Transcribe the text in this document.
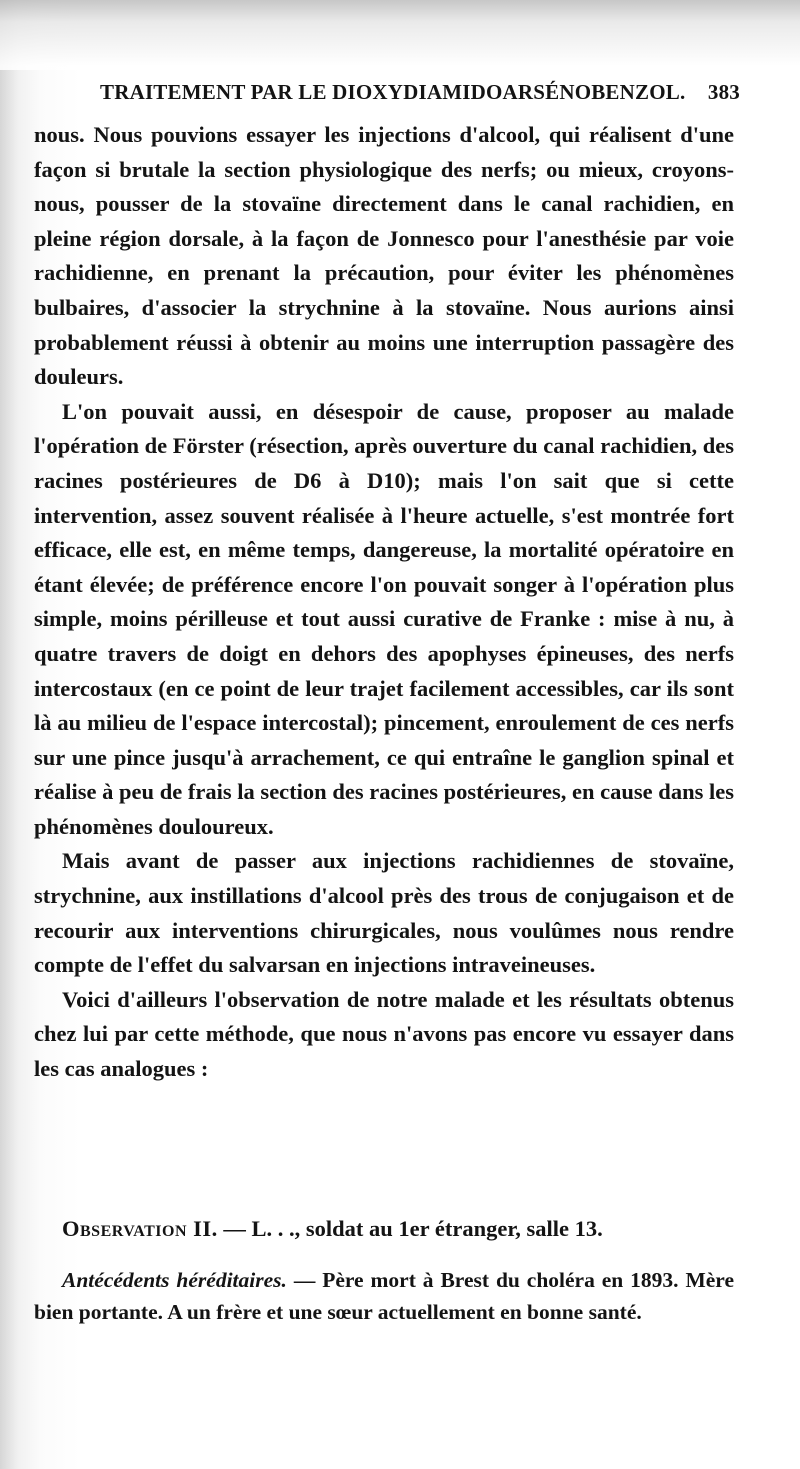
TRAITEMENT PAR LE DIOXYDIAMIDOARSÉNOBENZOL. 383

nous. Nous pouvions essayer les injections d'alcool, qui réalisent d'une façon si brutale la section physiologique des nerfs; ou mieux, croyons-nous, pousser de la stovaïne directement dans le canal rachidien, en pleine région dorsale, à la façon de Jonnesco pour l'anesthésie par voie rachidienne, en prenant la précaution, pour éviter les phénomènes bulbaires, d'associer la strychnine à la stovaïne. Nous aurions ainsi probablement réussi à obtenir au moins une interruption passagère des douleurs.

L'on pouvait aussi, en désespoir de cause, proposer au malade l'opération de Förster (résection, après ouverture du canal rachidien, des racines postérieures de D6 à D10); mais l'on sait que si cette intervention, assez souvent réalisée à l'heure actuelle, s'est montrée fort efficace, elle est, en même temps, dangereuse, la mortalité opératoire en étant élevée; de préférence encore l'on pouvait songer à l'opération plus simple, moins périlleuse et tout aussi curative de Franke : mise à nu, à quatre travers de doigt en dehors des apophyses épineuses, des nerfs intercostaux (en ce point de leur trajet facilement accessibles, car ils sont là au milieu de l'espace intercostal); pincement, enroulement de ces nerfs sur une pince jusqu'à arrachement, ce qui entraîne le ganglion spinal et réalise à peu de frais la section des racines postérieures, en cause dans les phénomènes douloureux.

Mais avant de passer aux injections rachidiennes de stovaïne, strychnine, aux instillations d'alcool près des trous de conjugaison et de recourir aux interventions chirurgicales, nous voulûmes nous rendre compte de l'effet du salvarsan en injections intraveineuses.

Voici d'ailleurs l'observation de notre malade et les résultats obtenus chez lui par cette méthode, que nous n'avons pas encore vu essayer dans les cas analogues :

Observation II. — L. . ., soldat au 1er étranger, salle 13.
Antécédents héréditaires. — Père mort à Brest du choléra en 1893. Mère bien portante. A un frère et une sœur actuellement en bonne santé.
